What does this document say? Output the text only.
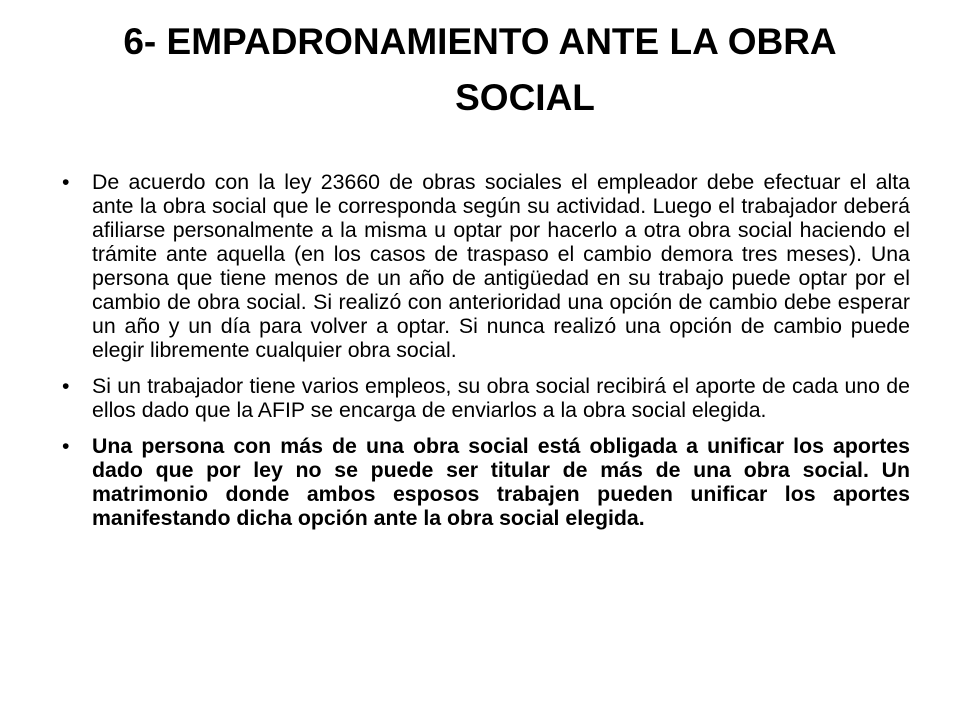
6- EMPADRONAMIENTO ANTE LA OBRA
SOCIAL
• De acuerdo con la ley 23660 de obras sociales el empleador debe efectuar el alta ante la obra social que le corresponda según su actividad. Luego el trabajador deberá afiliarse personalmente a la misma u optar por hacerlo a otra obra social haciendo el trámite ante aquella (en los casos de traspaso el cambio demora tres meses). Una persona que tiene menos de un año de antigüedad en su trabajo puede optar por el cambio de obra social. Si realizó con anterioridad una opción de cambio debe esperar un año y un día para volver a optar. Si nunca realizó una opción de cambio puede elegir libremente cualquier obra social.
• Si un trabajador tiene varios empleos, su obra social recibirá el aporte de cada uno de ellos dado que la AFIP se encarga de enviarlos a la obra social elegida.
• Una persona con más de una obra social está obligada a unificar los aportes dado que por ley no se puede ser titular de más de una obra social. Un matrimonio donde ambos esposos trabajen pueden unificar los aportes manifestando dicha opción ante la obra social elegida.
